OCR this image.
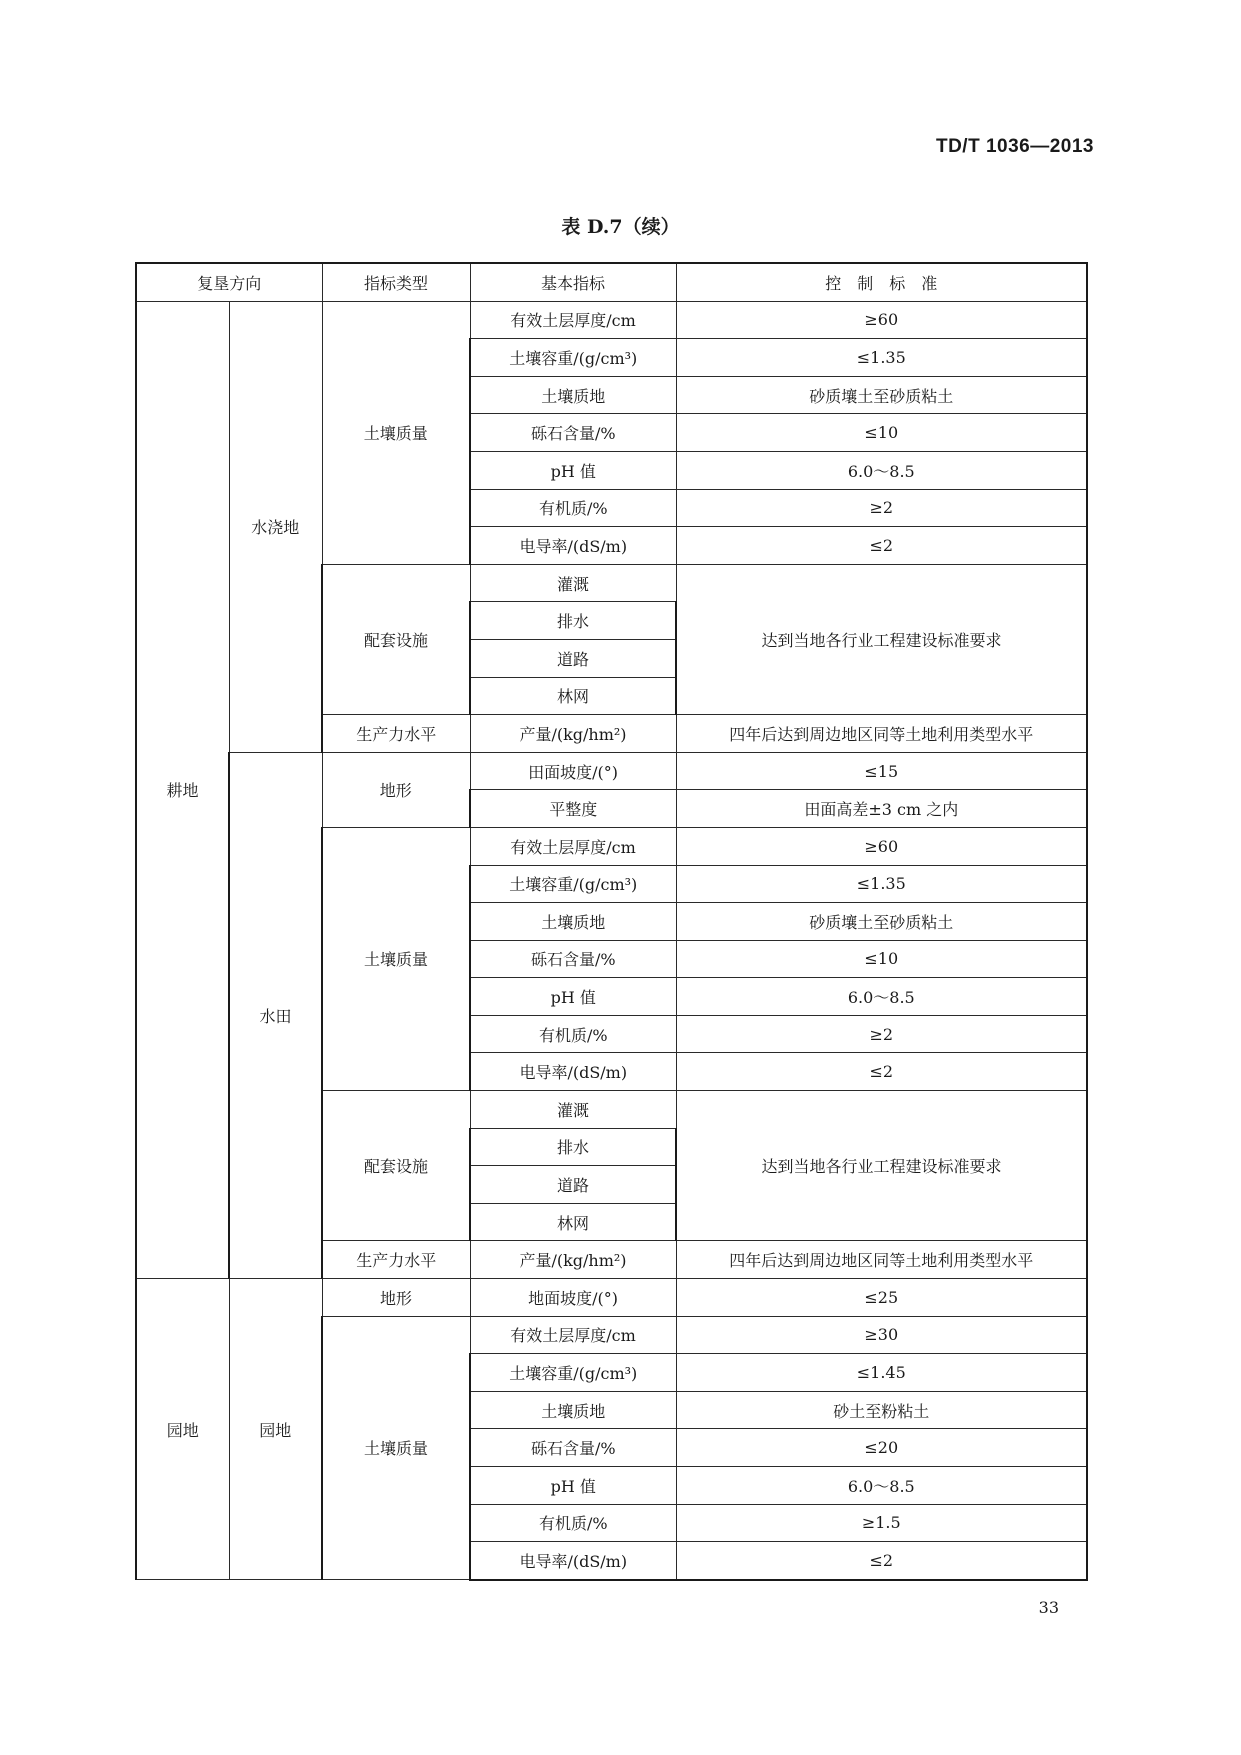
TD/T 1036—2013
表 D.7（续）
复垦方向		指标类型	基本指标	控　制　标　准
耕地	水浇地	土壤质量	有效土层厚度/cm	≥60
			土壤容重/(g/cm³)	≤1.35
			土壤质地	砂质壤土至砂质粘土
			砾石含量/%	≤10
			pH 值	6.0～8.5
			有机质/%	≥2
			电导率/(dS/m)	≤2
		配套设施	灌溉	达到当地各行业工程建设标准要求
			排水	
			道路	
			林网	
		生产力水平	产量/(kg/hm²)	四年后达到周边地区同等土地利用类型水平
	水田	地形	田面坡度/(°)	≤15
			平整度	田面高差±3 cm 之内
		土壤质量	有效土层厚度/cm	≥60
			土壤容重/(g/cm³)	≤1.35
			土壤质地	砂质壤土至砂质粘土
			砾石含量/%	≤10
			pH 值	6.0～8.5
			有机质/%	≥2
			电导率/(dS/m)	≤2
		配套设施	灌溉	达到当地各行业工程建设标准要求
			排水	
			道路	
			林网	
		生产力水平	产量/(kg/hm²)	四年后达到周边地区同等土地利用类型水平
园地	园地	地形	地面坡度/(°)	≤25
		土壤质量	有效土层厚度/cm	≥30
			土壤容重/(g/cm³)	≤1.45
			土壤质地	砂土至粉粘土
			砾石含量/%	≤20
			pH 值	6.0～8.5
			有机质/%	≥1.5
			电导率/(dS/m)	≤2
33
